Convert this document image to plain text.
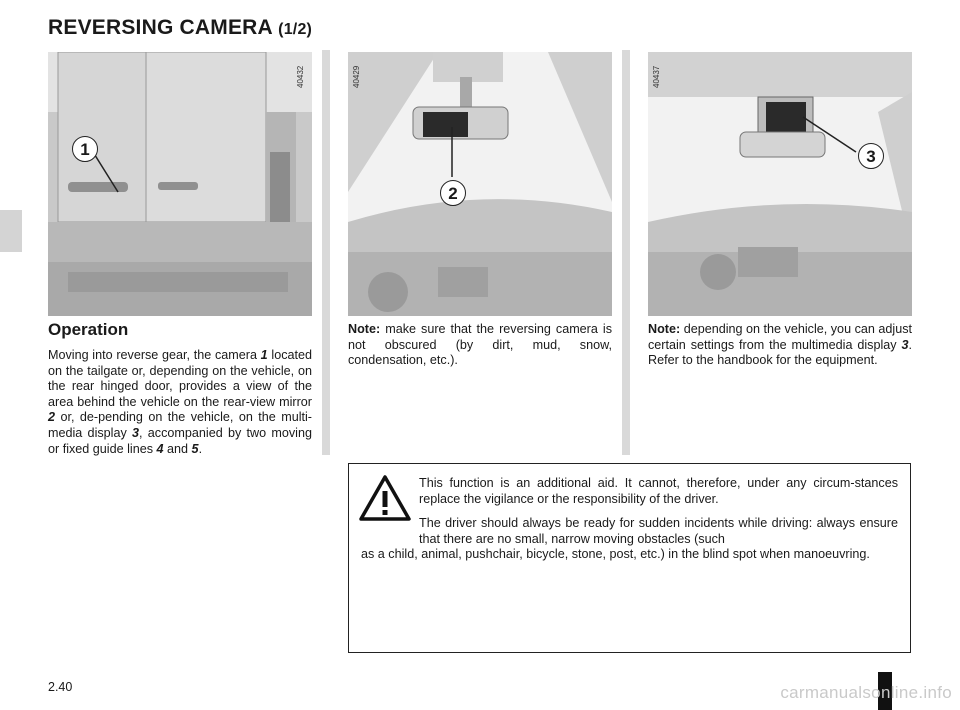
REVERSING CAMERA (1/2)
1
40432
2
40429
3
40437
Operation
Moving into reverse gear, the camera 1 located on the tailgate or, depending on the vehicle, on the rear hinged door, provides a view of the area behind the vehicle on the rear-view mirror 2 or, de-pending on the vehicle, on the multi-media display 3, accompanied by two moving or fixed guide lines 4 and 5.
Note: make sure that the reversing camera is not obscured (by dirt, mud, snow, condensation, etc.).
Note: depending on the vehicle, you can adjust certain settings from the multimedia display 3. Refer to the handbook for the equipment.

This function is an additional aid. It cannot, therefore, under any circum-stances replace the vigilance or the responsibility of the driver.

The driver should always be ready for sudden incidents while driving: always ensure that there are no small, narrow moving obstacles (such

as a child, animal, pushchair, bicycle, stone, post, etc.) in the blind spot when manoeuvring.

2.40	carmanualsonline.info
